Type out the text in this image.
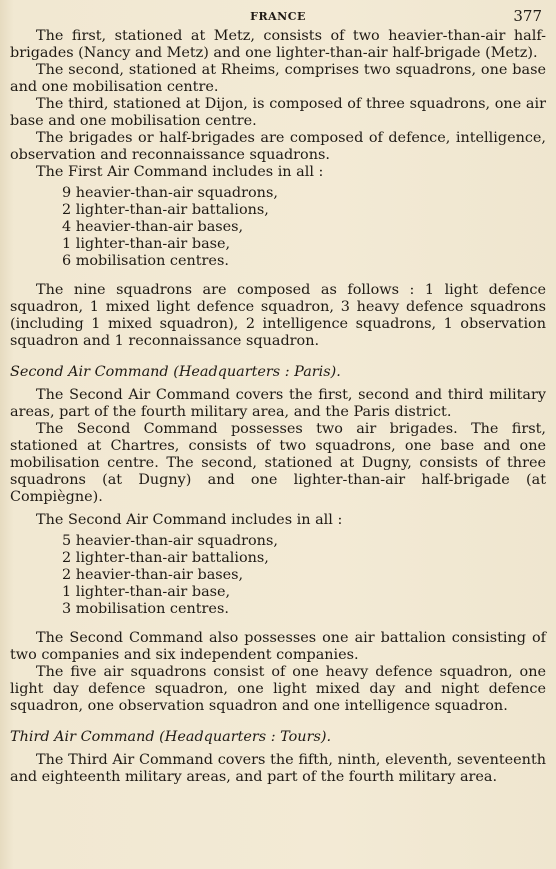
FRANCE	377

The first, stationed at Metz, consists of two heavier-than-air half-brigades (Nancy and Metz) and one lighter-than-air half-brigade (Metz).

The second, stationed at Rheims, comprises two squadrons, one base and one mobilisation centre.

The third, stationed at Dijon, is composed of three squadrons, one air base and one mobilisation centre.

The brigades or half-brigades are composed of defence, intelligence, observation and reconnaissance squadrons.

The First Air Command includes in all :

9 heavier-than-air squadrons,
2 lighter-than-air battalions,
4 heavier-than-air bases,
1 lighter-than-air base,
6 mobilisation centres.

The nine squadrons are composed as follows : 1 light defence squadron, 1 mixed light defence squadron, 3 heavy defence squadrons (including 1 mixed squadron), 2 intelligence squadrons, 1 observation squadron and 1 reconnaissance squadron.

Second Air Command (Headquarters : Paris).

The Second Air Command covers the first, second and third military areas, part of the fourth military area, and the Paris district.

The Second Command possesses two air brigades. The first, stationed at Chartres, consists of two squadrons, one base and one mobilisation centre. The second, stationed at Dugny, consists of three squadrons (at Dugny) and one lighter-than-air half-brigade (at Compiègne).

The Second Air Command includes in all :

5 heavier-than-air squadrons,
2 lighter-than-air battalions,
2 heavier-than-air bases,
1 lighter-than-air base,
3 mobilisation centres.

The Second Command also possesses one air battalion consisting of two companies and six independent companies.

The five air squadrons consist of one heavy defence squadron, one light day defence squadron, one light mixed day and night defence squadron, one observation squadron and one intelligence squadron.

Third Air Command (Headquarters : Tours).

The Third Air Command covers the fifth, ninth, eleventh, seventeenth and eighteenth military areas, and part of the fourth military area.
